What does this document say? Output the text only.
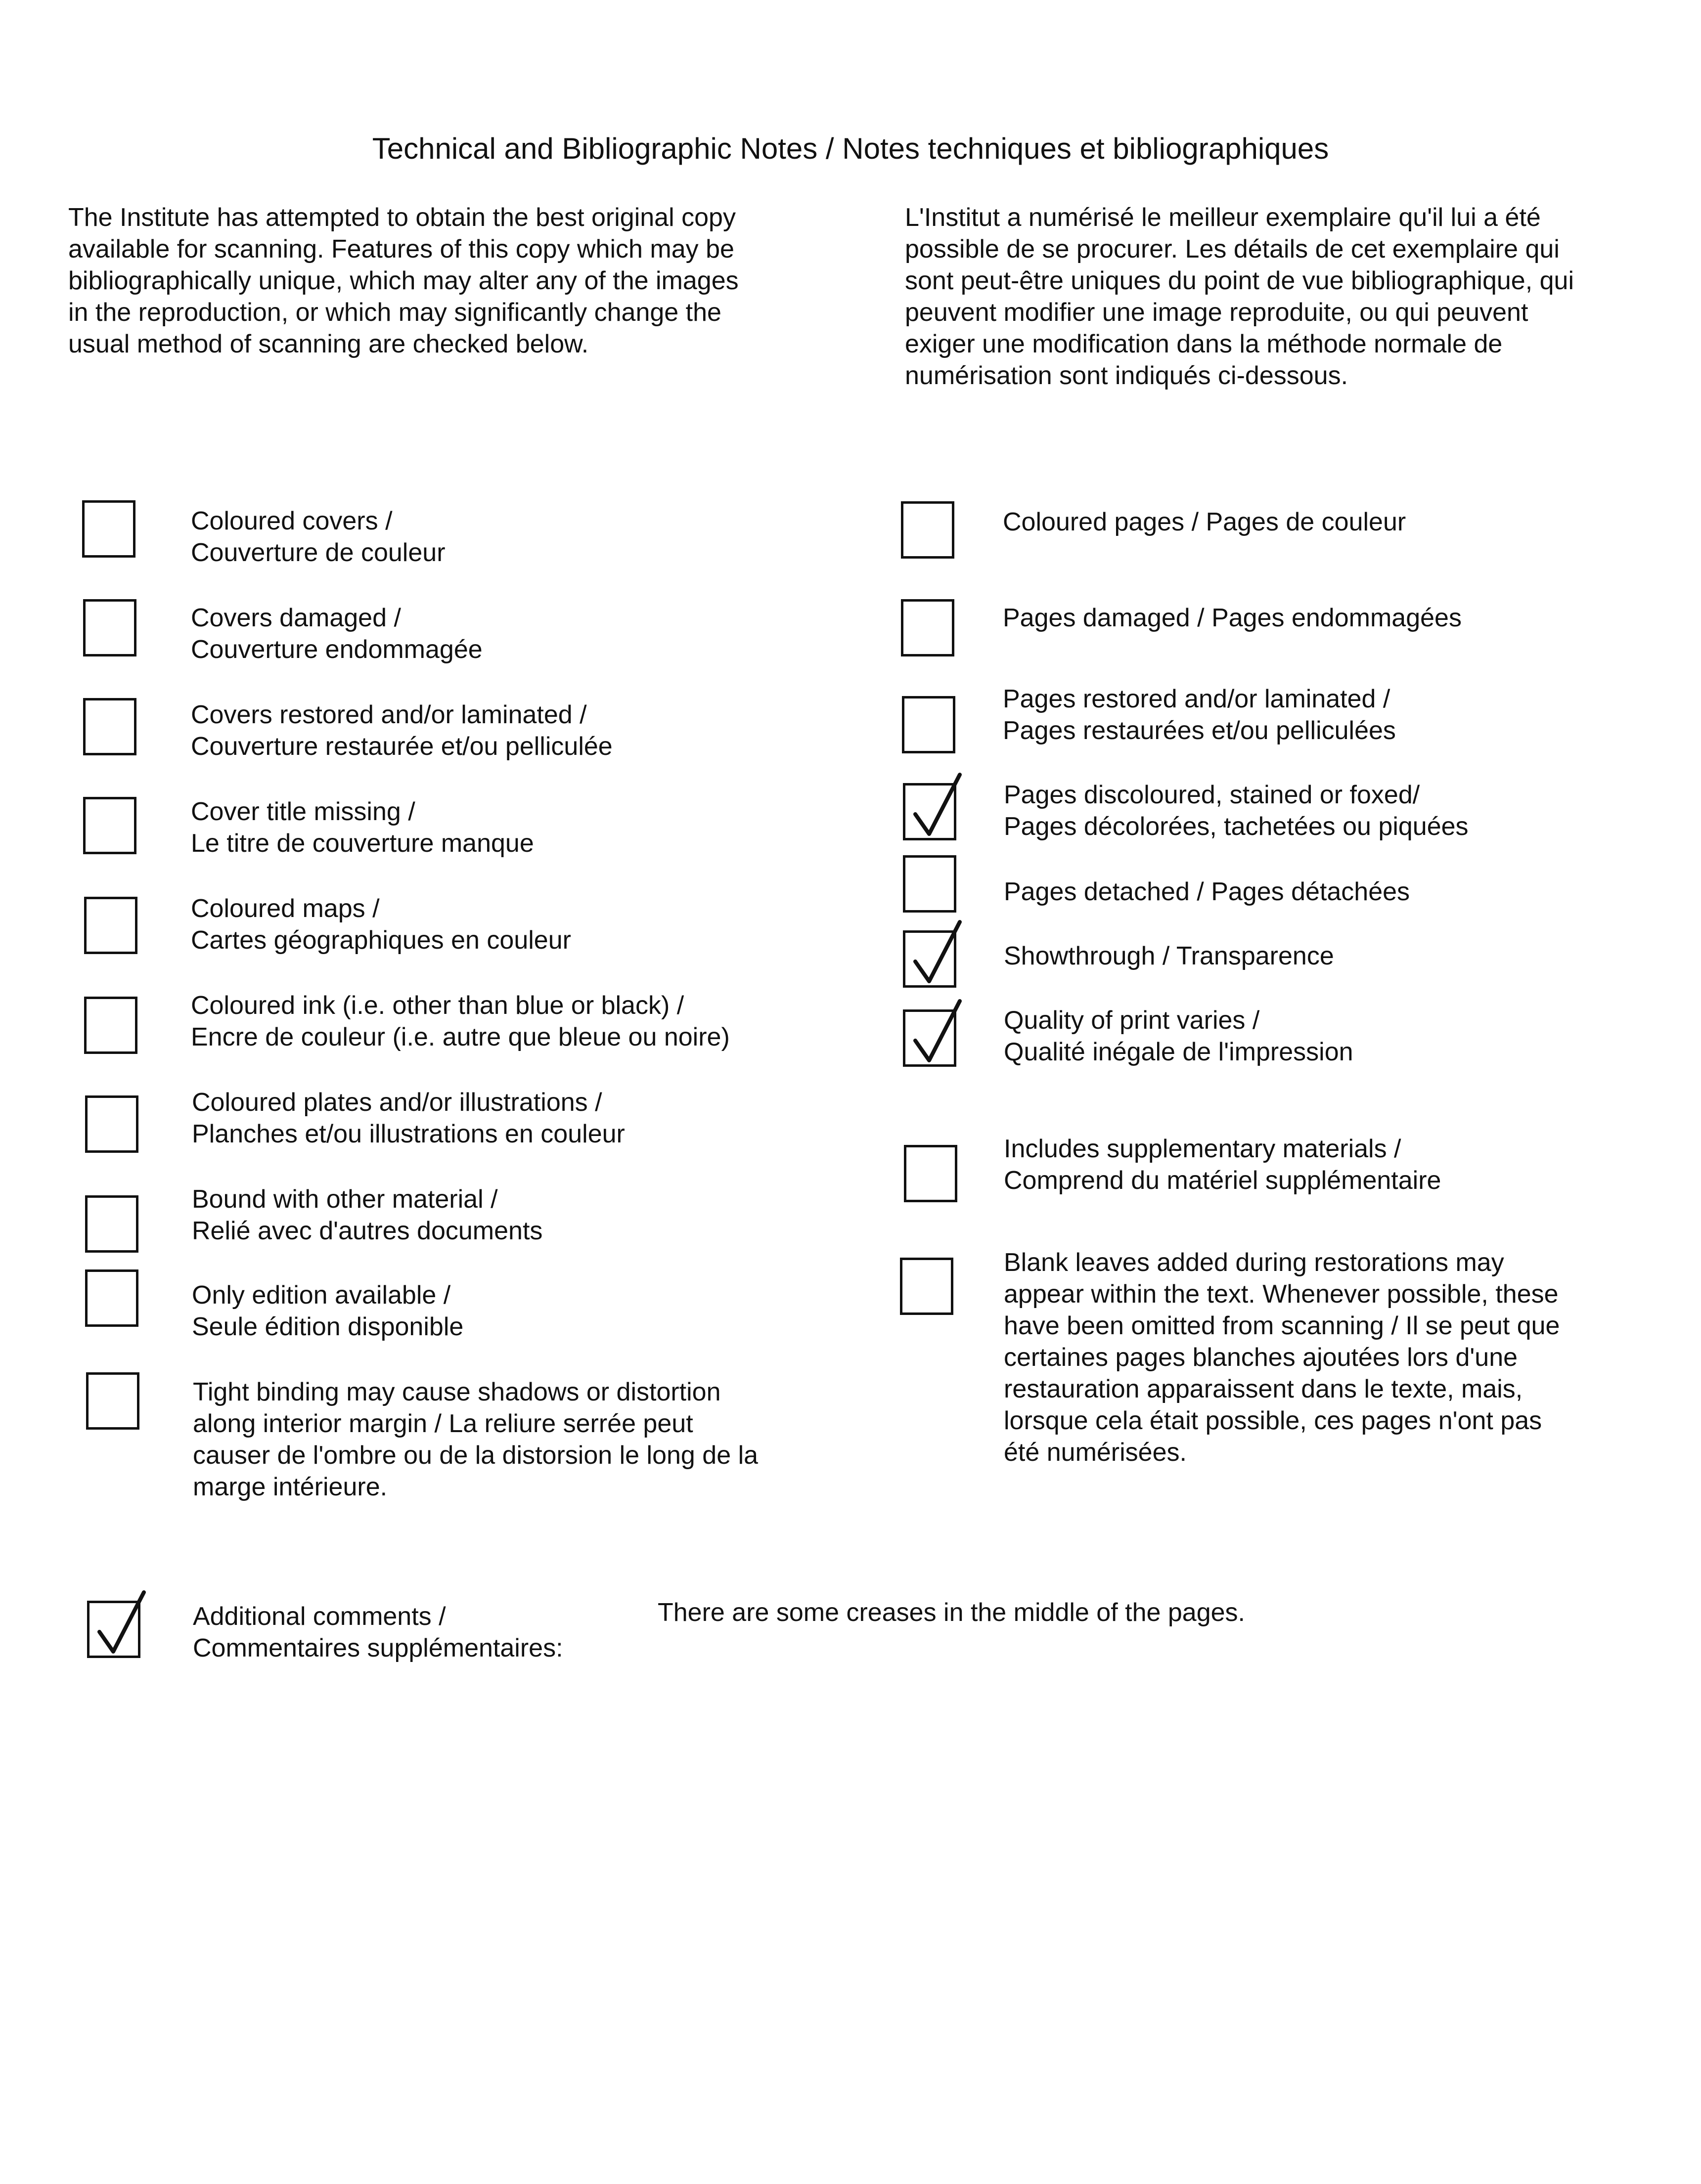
Technical and Bibliographic Notes / Notes techniques et bibliographiques
The Institute has attempted to obtain the best original copy
available for scanning. Features of this copy which may be
bibliographically unique, which may alter any of the images
in the reproduction, or which may significantly change the
usual method of scanning are checked below.
L'Institut a numérisé le meilleur exemplaire qu'il lui a été
possible de se procurer. Les détails de cet exemplaire qui
sont peut-être uniques du point de vue bibliographique, qui
peuvent modifier une image reproduite, ou qui peuvent
exiger une modification dans la méthode normale de
numérisation sont indiqués ci-dessous.
Coloured covers /
Couverture de couleur
Covers damaged /
Couverture endommagée
Covers restored and/or laminated /
Couverture restaurée et/ou pelliculée
Cover title missing /
Le titre de couverture manque
Coloured maps /
Cartes géographiques en couleur
Coloured ink (i.e. other than blue or black) /
Encre de couleur (i.e. autre que bleue ou noire)
Coloured plates and/or illustrations /
Planches et/ou illustrations en couleur
Bound with other material /
Relié avec d'autres documents
Only edition available /
Seule édition disponible
Tight binding may cause shadows or distortion
along interior margin / La reliure serrée peut
causer de l'ombre ou de la distorsion le long de la
marge intérieure.
Coloured pages / Pages de couleur
Pages damaged / Pages endommagées
Pages restored and/or laminated /
Pages restaurées et/ou pelliculées
Pages discoloured, stained or foxed/
Pages décolorées, tachetées ou piquées
Pages detached / Pages détachées
Showthrough / Transparence
Quality of print varies /
Qualité inégale de l'impression
Includes supplementary materials /
Comprend du matériel supplémentaire
Blank leaves added during restorations may
appear within the text. Whenever possible, these
have been omitted from scanning / Il se peut que
certaines pages blanches ajoutées lors d'une
restauration apparaissent dans le texte, mais,
lorsque cela était possible, ces pages n'ont pas
été numérisées.
Additional comments /
Commentaires supplémentaires:
There are some creases in the middle of the pages.
